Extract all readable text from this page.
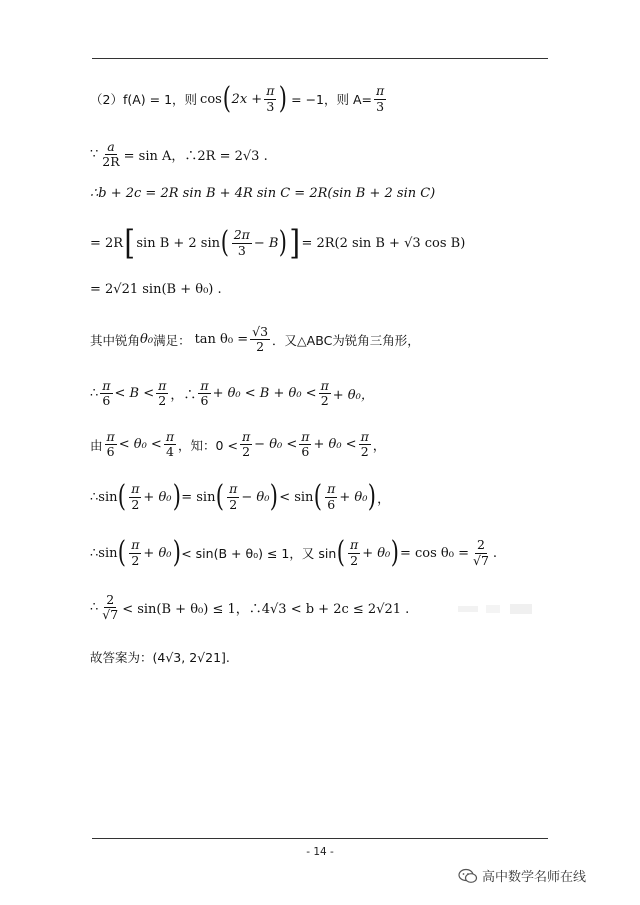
（2）f(A) = 1，则 cos ( $2x + \frac{\pi}{3}$ ) = −1，则 $A= \frac{\pi}{3}$
∵ $\frac{a}{2R} = \sin A$，∴2R = 2√3 .
∴b + 2c = 2R sin B + 4R sin C = 2R(sin B + 2 sin C)
= 2R [ sin B + 2 sin ( $\frac{2\pi}{3} - B$ ) ] = 2R(2 sin B + √3 cos B)
= 2√21 sin(B + θ₀) .
其中锐角 θ₀ 满足： $\tan \theta_0 = \frac{√3}{2}$ ．又△ABC为锐角三角形，
∴ $\frac{\pi}{6} < B < \frac{\pi}{2}$ ，∴ $\frac{\pi}{6} + \theta_0 < B + \theta_0 < \frac{\pi}{2} + \theta_0$，
由 $\frac{\pi}{6} < \theta_0 < \frac{\pi}{4}$ ，知：$0 < \frac{\pi}{2} - \theta_0 < \frac{\pi}{6} + \theta_0 < \frac{\pi}{2}$ ，
∴sin ( $\frac{\pi}{2} + \theta_0$ ) = sin ( $\frac{\pi}{2} - \theta_0$ ) < sin ( $\frac{\pi}{6} + \theta_0$ ) ，
∴sin ( $\frac{\pi}{2} + \theta_0$ ) < sin(B + θ₀) ≤ 1，又 sin ( $\frac{\pi}{2} + \theta_0$ ) = $\cos \theta_0 = \frac{2}{√7}$ .
∴ $\frac{2}{√7} < \sin(B + \theta_0) \le 1$，∴4√3 < b + 2c ≤ 2√21 .
故答案为：(4√3, 2√21].
- 14 -
高中数学名师在线
